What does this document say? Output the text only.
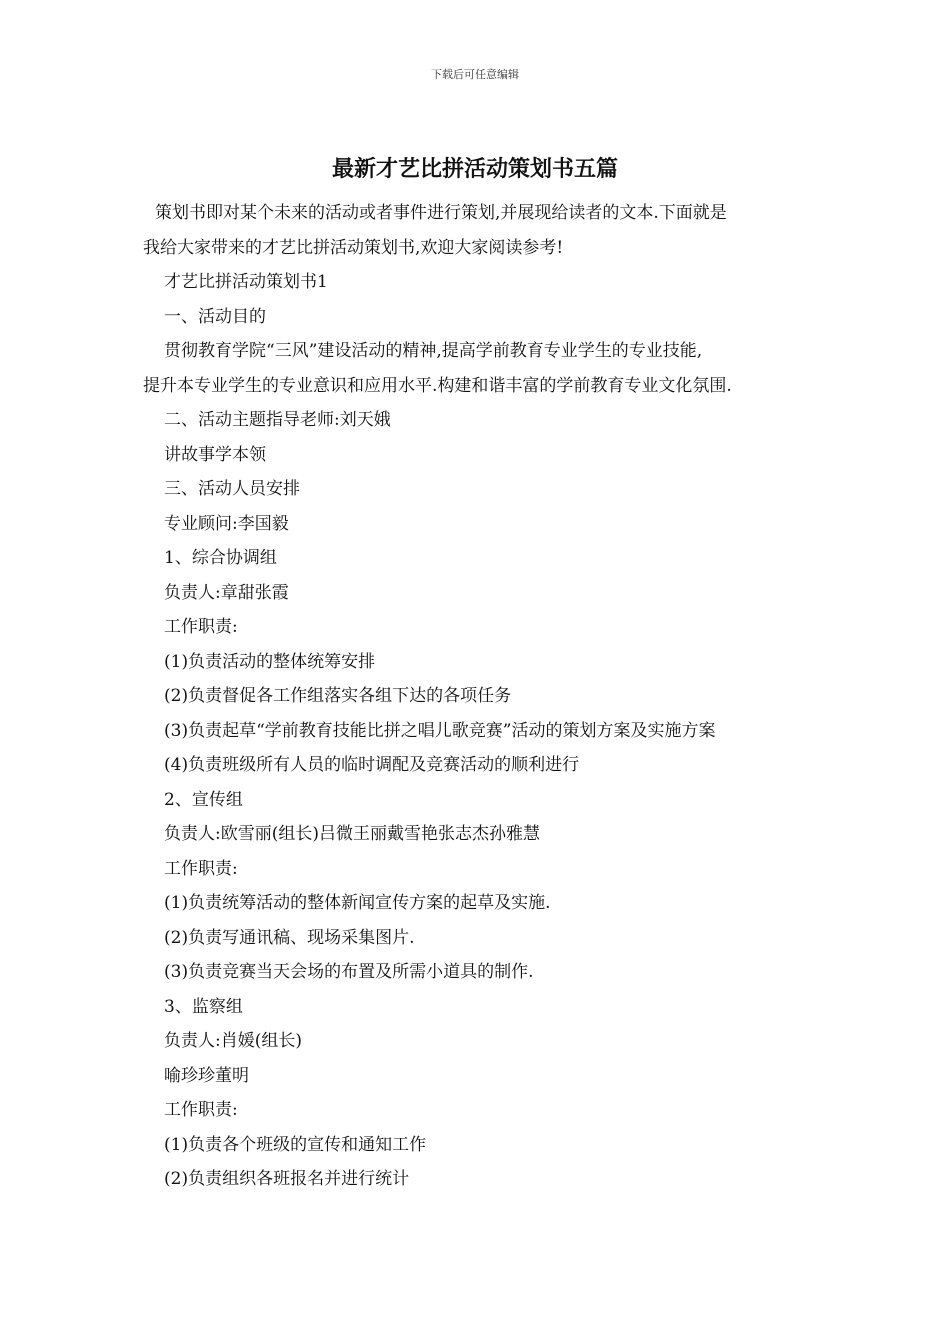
下载后可任意编辑
最新才艺比拼活动策划书五篇

策划书即对某个未来的活动或者事件进行策划,并展现给读者的文本.下面就是

我给大家带来的才艺比拼活动策划书,欢迎大家阅读参考!

才艺比拼活动策划书1

一、活动目的

贯彻教育学院“三风”建设活动的精神,提高学前教育专业学生的专业技能,

提升本专业学生的专业意识和应用水平.构建和谐丰富的学前教育专业文化氛围.

二、活动主题指导老师:刘天娥

讲故事学本领

三、活动人员安排

专业顾问:李国毅

1、综合协调组

负责人:章甜张霞

工作职责:

(1)负责活动的整体统筹安排

(2)负责督促各工作组落实各组下达的各项任务

(3)负责起草“学前教育技能比拼之唱儿歌竞赛”活动的策划方案及实施方案

(4)负责班级所有人员的临时调配及竞赛活动的顺利进行

2、宣传组

负责人:欧雪丽(组长)吕微王丽戴雪艳张志杰孙雅慧

工作职责:

(1)负责统筹活动的整体新闻宣传方案的起草及实施.

(2)负责写通讯稿、现场采集图片.

(3)负责竞赛当天会场的布置及所需小道具的制作.

3、监察组

负责人:肖媛(组长)

喻珍珍董明

工作职责:

(1)负责各个班级的宣传和通知工作

(2)负责组织各班报名并进行统计
